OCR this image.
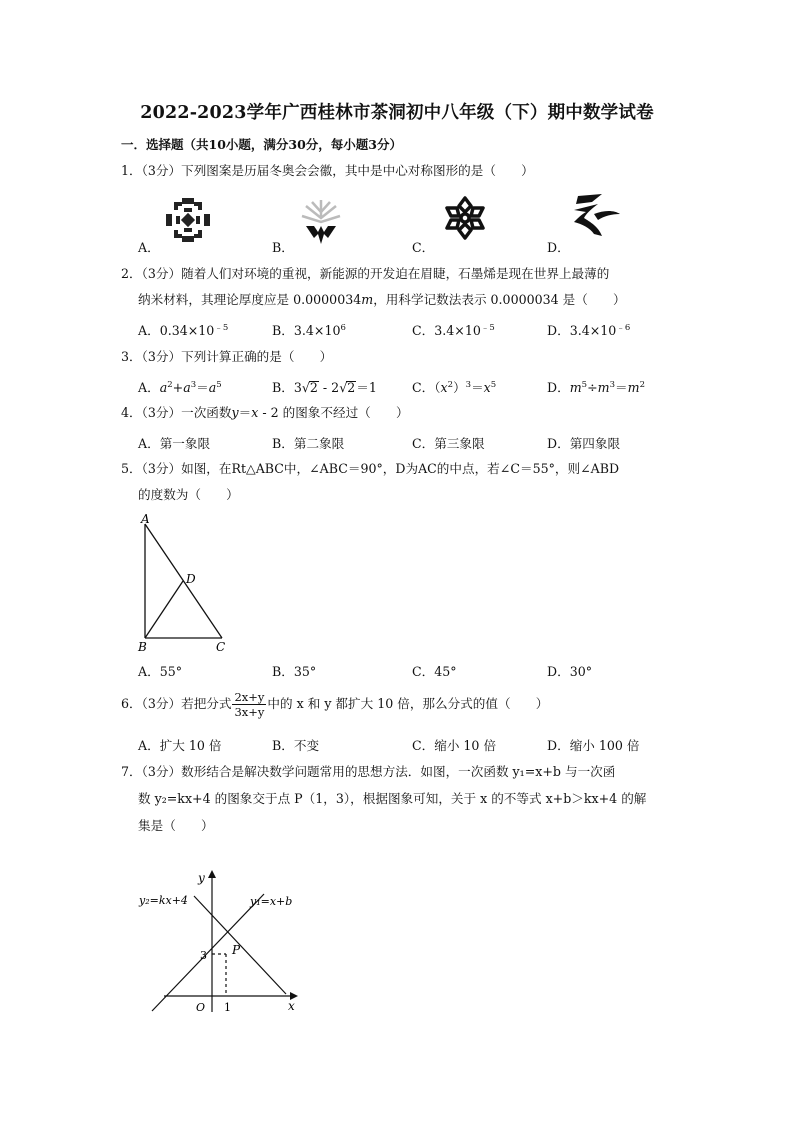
2022-2023学年广西桂林市茶洞初中八年级（下）期中数学试卷
一．选择题（共10小题，满分30分，每小题3分）
1．（3分）下列图案是历届冬奥会会徽，其中是中心对称图形的是（　　）
A．	B．	C．	D．
2．（3分）随着人们对环境的重视，新能源的开发迫在眉睫，石墨烯是现在世界上最薄的
纳米材料，其理论厚度应是 0.0000034m，用科学记数法表示 0.0000034 是（　　）
A．$0.34\times 10^{﹣5}$	B．$3.4\times 10^6$	C．$3.4\times 10^{﹣5}$	D．$3.4\times 10^{﹣6}$
3．（3分）下列计算正确的是（　　）
A．$a^2+a^3=a^5$	B．3√2 - 2√2＝1	C．$(x^2)^3=x^5$	D．$m^5\div m^3=m^2$
4．（3分）一次函数y＝x - 2 的图象不经过（　　）
A．第一象限	B．第二象限	C．第三象限	D．第四象限
5．（3分）如图，在Rt△ABC中，∠ABC＝90°，D为AC的中点，若∠C＝55°，则∠ABD
的度数为（　　）
A
B	C
D
A．55°	B．35°	C．45°	D．30°
6．（3分）若把分式 $\frac{2x+y}{3x+y}$ 中的 x 和 y 都扩大 10 倍，那么分式的值（　　）
A．扩大 10 倍	B．不变	C．缩小 10 倍	D．缩小 100 倍
7．（3分）数形结合是解决数学问题常用的思想方法．如图，一次函数 y₁=x+b 与一次函
数 y₂=kx+4 的图象交于点 P（1，3），根据图象可知，关于 x 的不等式 x+b＞kx+4 的解
集是（　　）
y
x
O
y₂=kx+4	y₁=x+b
3
1
P
